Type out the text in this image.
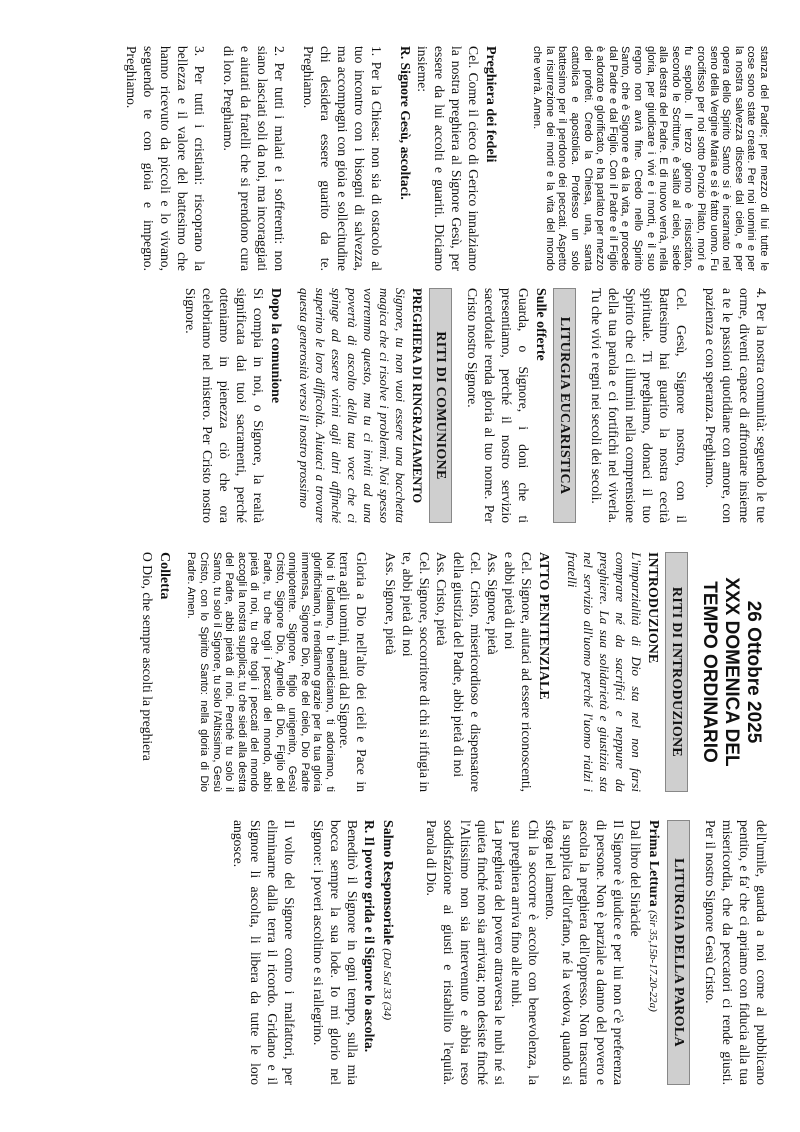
stanza del Padre; per mezzo di lui tutte le cose sono state create. Per noi uomini e per la nostra salvezza discese dal cielo, e per opera dello Spirito Santo si è incarnato nel seno della Vergine Maria e si è fatto uomo. Fu crocifisso per noi sotto Ponzio Pilato, morì e fu sepolto. Il terzo giorno è risuscitato, secondo le Scritture, è salito al cielo, siede alla destra del Padre. E di nuovo verrà, nella gloria, per giudicare i vivi e i morti, e il suo regno non avrà fine. Credo nello Spirito Santo, che è Signore e dà la vita, e procede dal Padre e dal Figlio. Con il Padre e il Figlio è adorato e glorificato, e ha parlato per mezzo dei profeti. Credo la Chiesa, una, santa cattolica e apostolica. Professo un solo battesimo per il perdono dei peccati. Aspetto la risurrezione dei morti e la vita del mondo che verrà. Amen.
Preghiera dei fedeli
Cel. Come il cieco di Gerico innalziamo la nostra preghiera al Signore Gesù, per essere da lui accolti e guariti. Diciamo insieme:
R. Signore Gesù, ascoltaci.
1. Per la Chiesa: non sia di ostacolo al tuo incontro con i bisogni di salvezza, ma accompagni con gioia e sollecitudine chi desidera essere guarito da te. Preghiamo.
2. Per tutti i malati e i sofferenti: non siano lasciati soli da noi, ma incoraggiati e aiutati da fratelli che si prendono cura di loro. Preghiamo.
3. Per tutti i cristiani: riscoprano la bellezza e il valore del battesimo che hanno ricevuto da piccoli e lo vivano, seguendo te con gioia e impegno. Preghiamo.
4. Per la nostra comunità: seguendo le tue orme, diventi capace di affrontare insieme a te le passioni quotidiane con amore, con pazienza e con speranza. Preghiamo.
Cel. Gesù, Signore nostro, con il Battesimo hai guarito la nostra cecità spirituale. Ti preghiamo, donaci il tuo Spirito che ci illumini nella comprensione della tua parola e ci fortifichi nel viverla. Tu che vivi e regni nei secoli dei secoli.
LITURGIA EUCARISTICA
Sulle offerte
Guarda, o Signore, i doni che ti presentiamo, perché il nostro servizio sacerdotale renda gloria al tuo nome. Per Cristo nostro Signore.
RITI DI COMUNIONE
PREGHIERA DI RINGRAZIAMENTO
Signore, tu non vuoi essere una bacchetta magica che ci risolve i problemi. Noi spesso vorremmo questo, ma tu ci inviti ad una povertà di ascolto della tua voce che ci spinge ad essere vicini agli altri affinché superino le loro difficoltà. Aiutaci a trovare questa generosità verso il nostro prossimo
Dopo la comunione
Si compia in noi, o Signore, la realtà significata dai tuoi sacramenti, perché otteniamo in pienezza ciò che ora celebriamo nel mistero. Per Cristo nostro Signore.
26 Ottobre 2025
XXX DOMENICA DEL
TEMPO ORDINARIO
RITI DI INTRODUZIONE
INTRODUZIONE
L'imparzialità di Dio sta nel non farsi comprare né da sacrifici e neppure da preghiere. La sua solidarietà e giustizia sta nel servizio all'uomo perché l'uomo rialzi i fratelli
ATTO PENITENZIALE
Cel. Signore, aiutaci ad essere riconoscenti, e abbi pietà di noi
Ass. Signore, pietà
Cel. Cristo, misericordioso e dispensatore della giustizia del Padre, abbi pietà di noi
Ass. Cristo, pietà
Cel. Signore, soccorritore di chi si rifugia in te, abbi pietà di noi
Ass. Signore, pietà
Gloria a Dio nell'alto dei cieli e Pace in terra agli uomini, amati dal Signore.
Noi ti lodiamo, ti benediciamo, ti adoriamo, ti glorifichiamo, ti rendiamo grazie per la tua gloria immensa, Signore Dio, Re del cielo, Dio Padre onnipotente. Signore, figlio unigenito, Gesù Cristo, Signore Dio, Agnello di Dio, Figlio del Padre, tu che togli i peccati del mondo, abbi pietà di noi, tu che togli i peccati del mondo accogli la nostra supplica; tu che siedi alla destra del Padre, abbi pietà di noi. Perché tu solo il Santo, tu solo il Signore, tu solo l'Altissimo, Gesù Cristo, con lo Spirito Santo: nella gloria di Dio Padre. Amen.
Colletta
O Dio, che sempre ascolti la preghiera
dell'umile, guarda a noi come al pubblicano pentito, e fa' che ci apriamo con fiducia alla tua misericordia, che da peccatori ci rende giusti. Per il nostro Signore Gesù Cristo.
LITURGIA DELLA PAROLA
Prima Lettura (Sir 35,15b-17.20-22a)
Dal libro del Siràcide
Il Signore è giudice e per lui non c'è preferenza di persone. Non è parziale a danno del povero e ascolta la preghiera dell'oppresso. Non trascura la supplica dell'orfano, né la vedova, quando si sfoga nel lamento.
Chi la soccorre è accolto con benevolenza, la sua preghiera arriva fino alle nubi.
La preghiera del povero attraversa le nubi né si quieta finché non sia arrivata; non desiste finché l'Altissimo non sia intervenuto e abbia reso soddisfazione ai giusti e ristabilito l'equità. Parola di Dio.
Salmo Responsoriale (Dal Sal 33 (34)
R. Il povero grida e il Signore lo ascolta.
Benedirò il Signore in ogni tempo, sulla mia bocca sempre la sua lode. Io mi glorio nel Signore: i poveri ascoltino e si rallegrino.
Il volto del Signore contro i malfattori, per eliminarne dalla terra il ricordo. Gridano e il Signore li ascolta, li libera da tutte le loro angosce.
